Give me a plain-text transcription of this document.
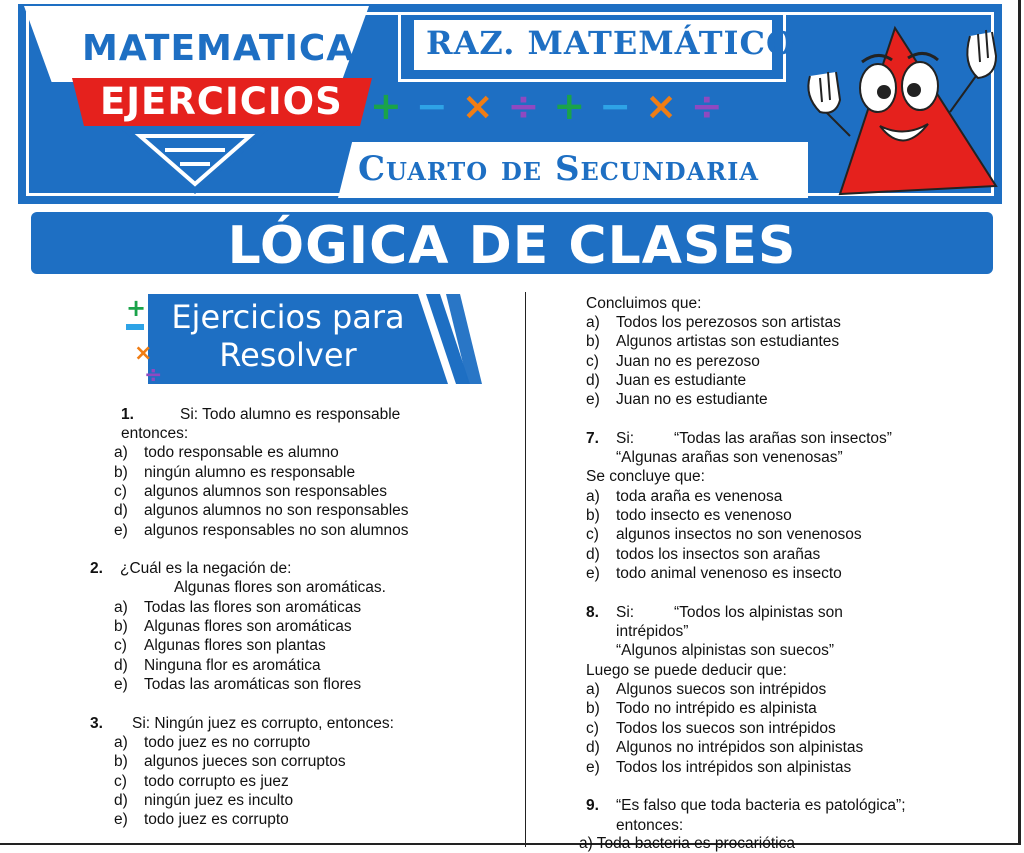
MATEMATICA
EJERCICIOS
RAZ. MATEMÁTICO
+−×÷+−×÷
Cuarto de Secundaria
LÓGICA DE CLASES
+
×
÷
Ejercicios para
Resolver
1.	Si: Todo alumno es responsable
entonces:
a) todo responsable es alumno
b) ningún alumno es responsable
c) algunos alumnos son responsables
d) algunos alumnos no son responsables
e) algunos responsables no son alumnos
2. ¿Cuál es la negación de:
Algunas flores son aromáticas.
a) Todas las flores son aromáticas
b) Algunas flores son aromáticas
c) Algunas flores son plantas
d) Ninguna flor es aromática
e) Todas las aromáticas son flores
3. Si: Ningún juez es corrupto, entonces:
a) todo juez es no corrupto
b) algunos jueces son corruptos
c) todo corrupto es juez
d) ningún juez es inculto
e) todo juez es corrupto
Concluimos que:
a) Todos los perezosos son artistas
b) Algunos artistas son estudiantes
c) Juan no es perezoso
d) Juan es estudiante
e) Juan no es estudiante
7. Si:	“Todas las arañas son insectos”
“Algunas arañas son venenosas”
Se concluye que:
a) toda araña es venenosa
b) todo insecto es venenoso
c) algunos insectos no son venenosos
d) todos los insectos son arañas
e) todo animal venenoso es insecto
8. Si:	“Todos los alpinistas son
intrépidos”
“Algunos alpinistas son suecos”
Luego se puede deducir que:
a) Algunos suecos son intrépidos
b) Todo no intrépido es alpinista
c) Todos los suecos son intrépidos
d) Algunos no intrépidos son alpinistas
e) Todos los intrépidos son alpinistas
9. “Es falso que toda bacteria es patológica”;
entonces:
a) Toda bacteria es procariótica
